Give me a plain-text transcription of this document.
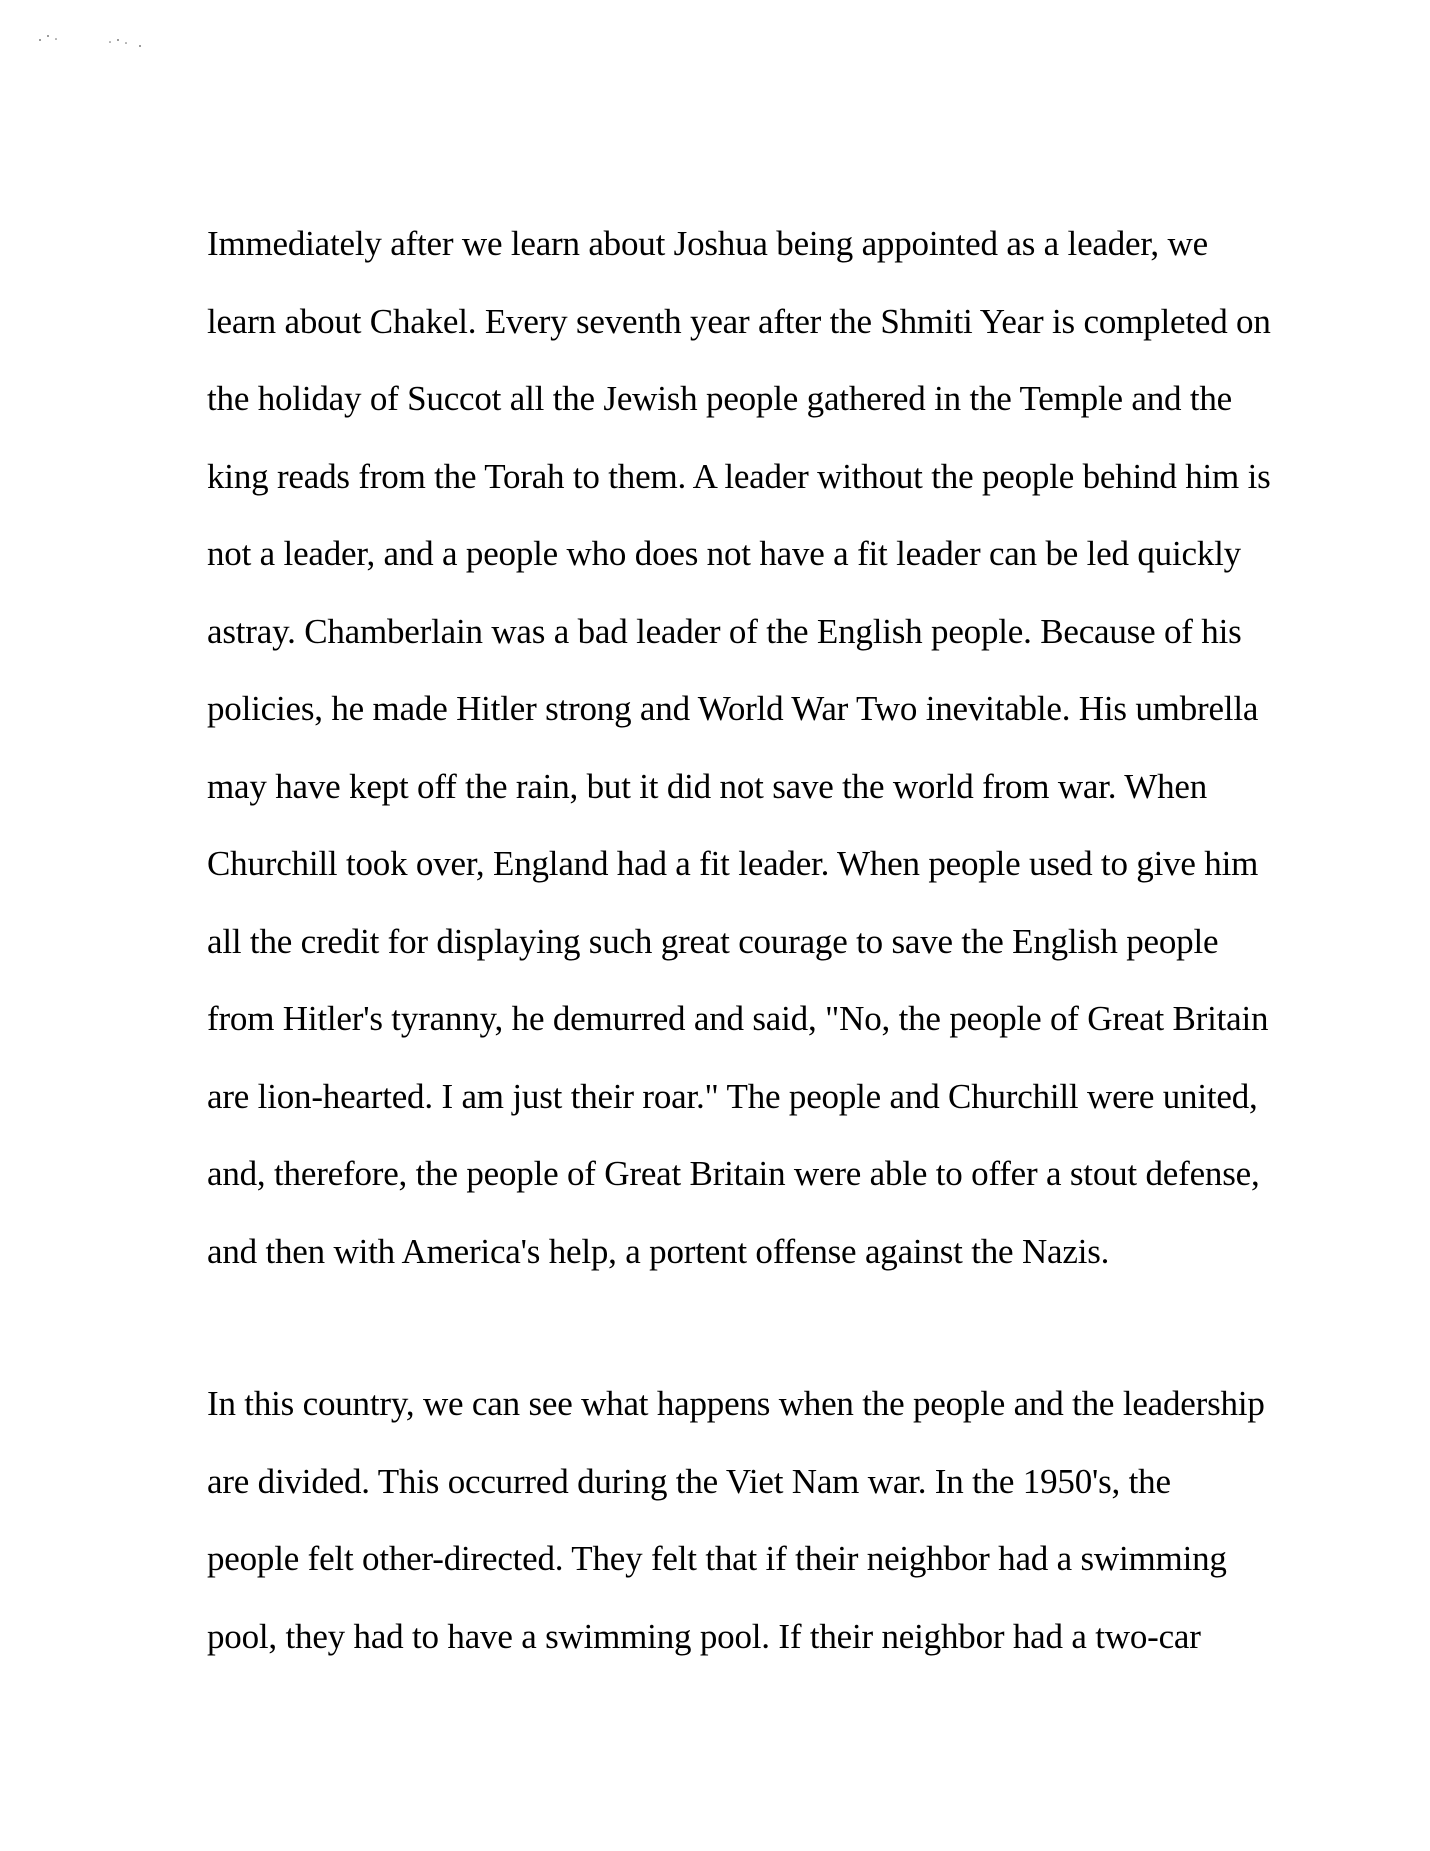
Immediately after we learn about Joshua being appointed as a leader, we
learn about Chakel. Every seventh year after the Shmiti Year is completed on
the holiday of Succot all the Jewish people gathered in the Temple and the
king reads from the Torah to them. A leader without the people behind him is
not a leader, and a people who does not have a fit leader can be led quickly
astray. Chamberlain was a bad leader of the English people. Because of his
policies, he made Hitler strong and World War Two inevitable. His umbrella
may have kept off the rain, but it did not save the world from war. When
Churchill took over, England had a fit leader. When people used to give him
all the credit for displaying such great courage to save the English people
from Hitler's tyranny, he demurred and said, "No, the people of Great Britain
are lion-hearted. I am just their roar." The people and Churchill were united,
and, therefore, the people of Great Britain were able to offer a stout defense,
and then with America's help, a portent offense against the Nazis.
In this country, we can see what happens when the people and the leadership
are divided. This occurred during the Viet Nam war. In the 1950's, the
people felt other-directed. They felt that if their neighbor had a swimming
pool, they had to have a swimming pool. If their neighbor had a two-car
